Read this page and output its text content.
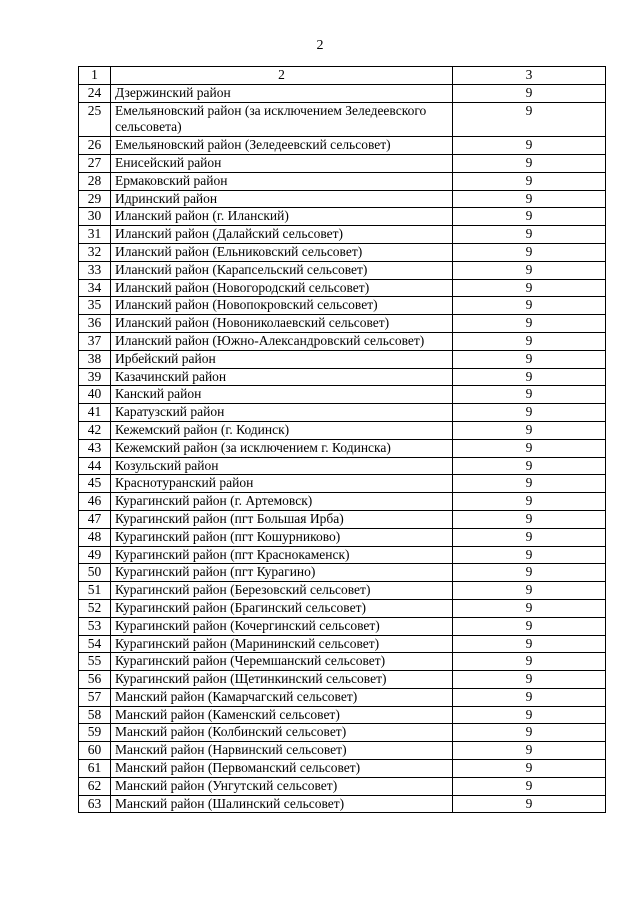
2
1	2	3
24	Дзержинский район	9
25	Емельяновский район (за исключением Зеледеевского сельсовета)	9
26	Емельяновский район (Зеледеевский сельсовет)	9
27	Енисейский район	9
28	Ермаковский район	9
29	Идринский район	9
30	Иланский район (г. Иланский)	9
31	Иланский район (Далайский сельсовет)	9
32	Иланский район (Ельниковский сельсовет)	9
33	Иланский район (Карапсельский сельсовет)	9
34	Иланский район (Новогородский сельсовет)	9
35	Иланский район (Новопокровский сельсовет)	9
36	Иланский район (Новониколаевский сельсовет)	9
37	Иланский район (Южно-Александровский сельсовет)	9
38	Ирбейский район	9
39	Казачинский район	9
40	Канский район	9
41	Каратузский район	9
42	Кежемский район (г. Кодинск)	9
43	Кежемский район (за исключением г. Кодинска)	9
44	Козульский район	9
45	Краснотуранский район	9
46	Курагинский район (г. Артемовск)	9
47	Курагинский район (пгт Большая Ирба)	9
48	Курагинский район (пгт Кошурниково)	9
49	Курагинский район (пгт Краснокаменск)	9
50	Курагинский район (пгт Курагино)	9
51	Курагинский район (Березовский сельсовет)	9
52	Курагинский район (Брагинский сельсовет)	9
53	Курагинский район (Кочергинский сельсовет)	9
54	Курагинский район (Марининский сельсовет)	9
55	Курагинский район (Черемшанский сельсовет)	9
56	Курагинский район (Щетинкинский сельсовет)	9
57	Манский район (Камарчагский сельсовет)	9
58	Манский район (Каменский сельсовет)	9
59	Манский район (Колбинский сельсовет)	9
60	Манский район (Нарвинский сельсовет)	9
61	Манский район (Первоманский сельсовет)	9
62	Манский район (Унгутский сельсовет)	9
63	Манский район (Шалинский сельсовет)	9
